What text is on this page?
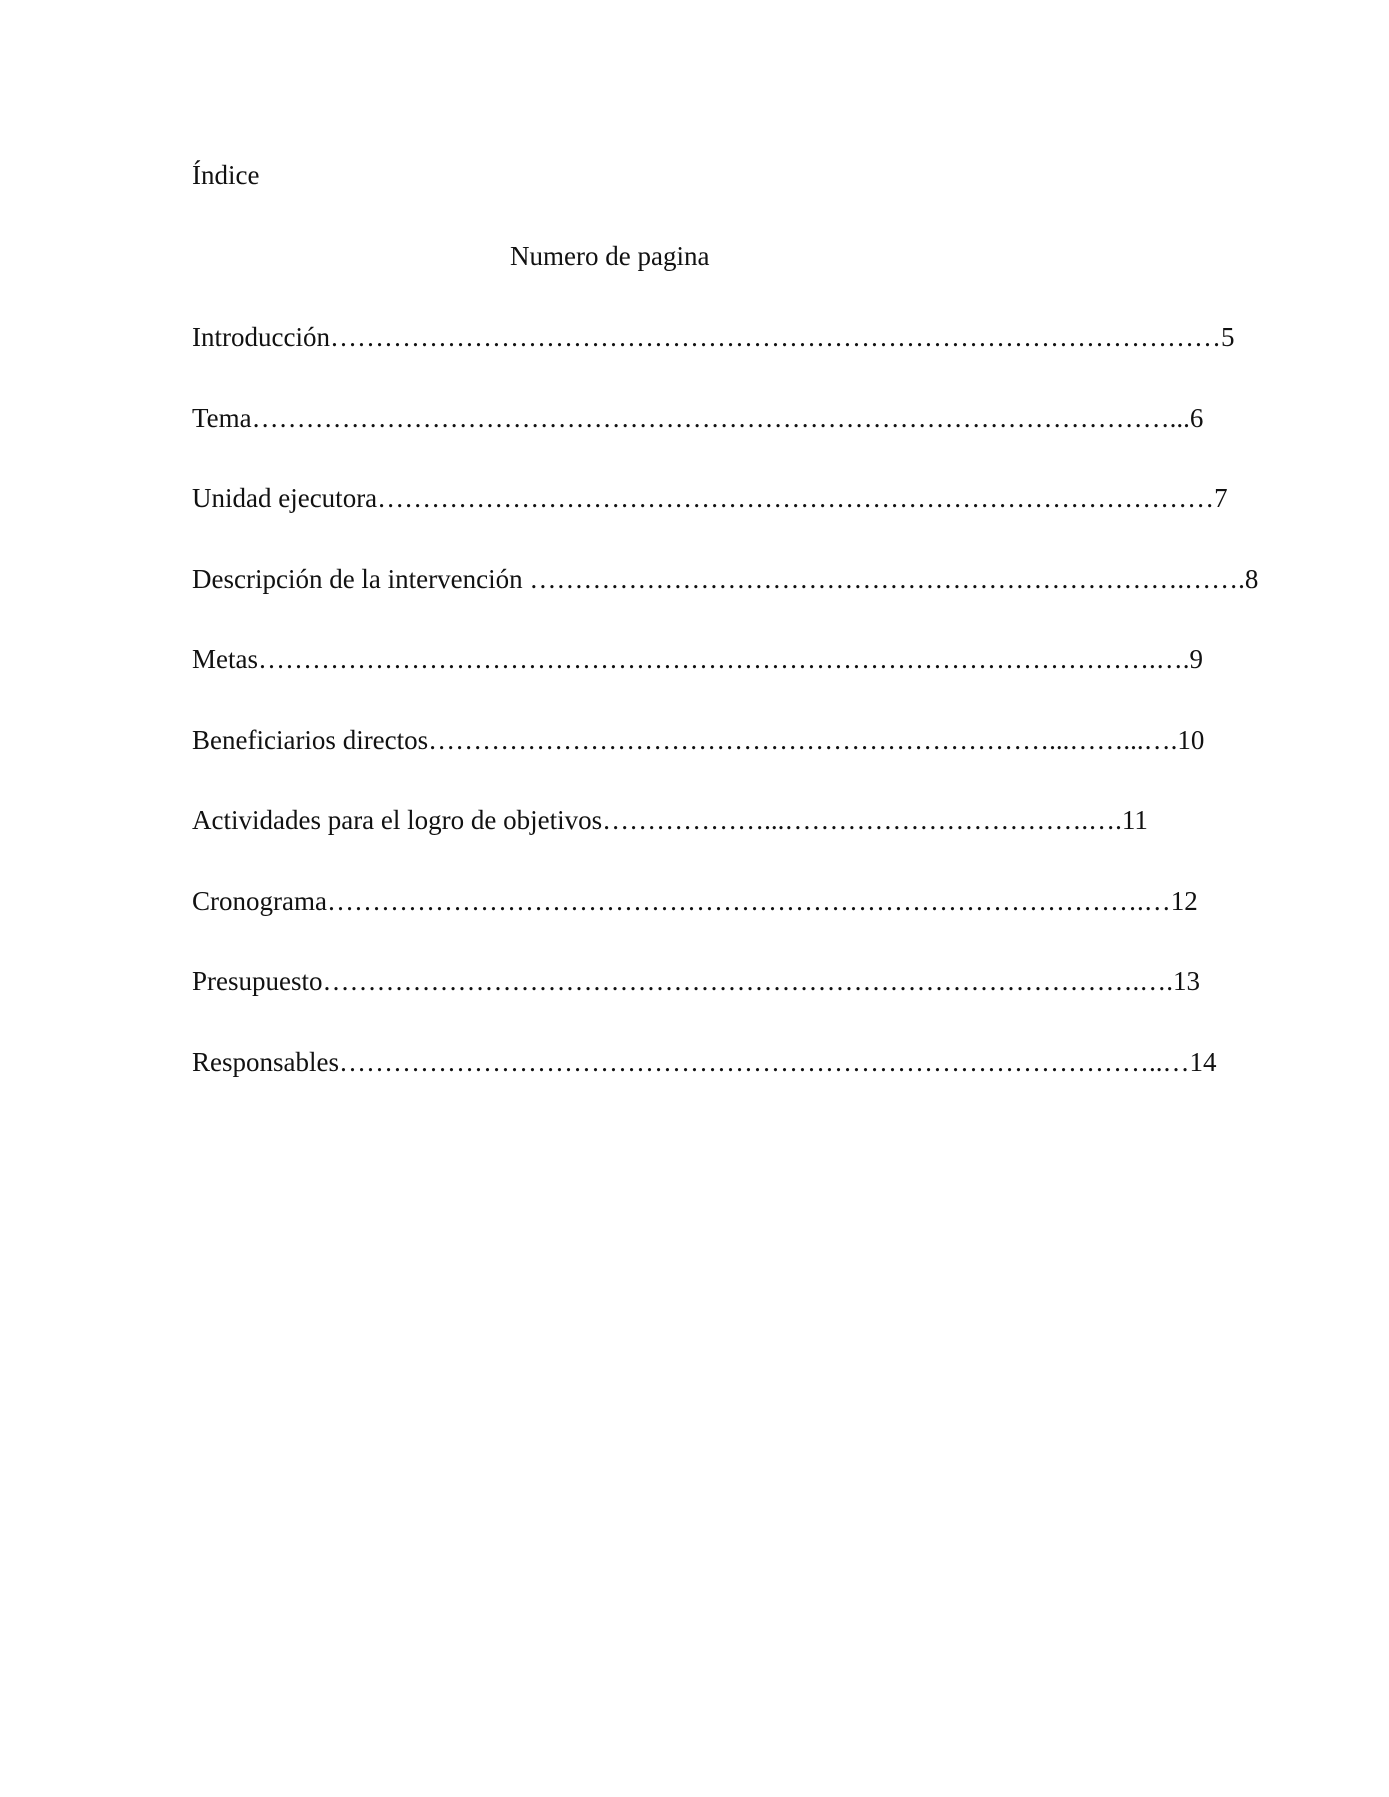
Índice
Numero de pagina
Introducción………………………………………………………………………………………5
Tema…………………………………………………………………………………………...6
Unidad ejecutora…………………………………………………………………………………7
Descripción de la intervención ……………………………………………………………….…….8
Metas……………………………………………………………………………………….….9
Beneficiarios directos……………………………………………………………...……...….10
Actividades para el logro de objetivos………………...…………………………….….11
Cronograma……………………………………………………………………………….…12
Presupuesto……………………………………………………………………………….….13
Responsables………………………………………………………………………………..…14
